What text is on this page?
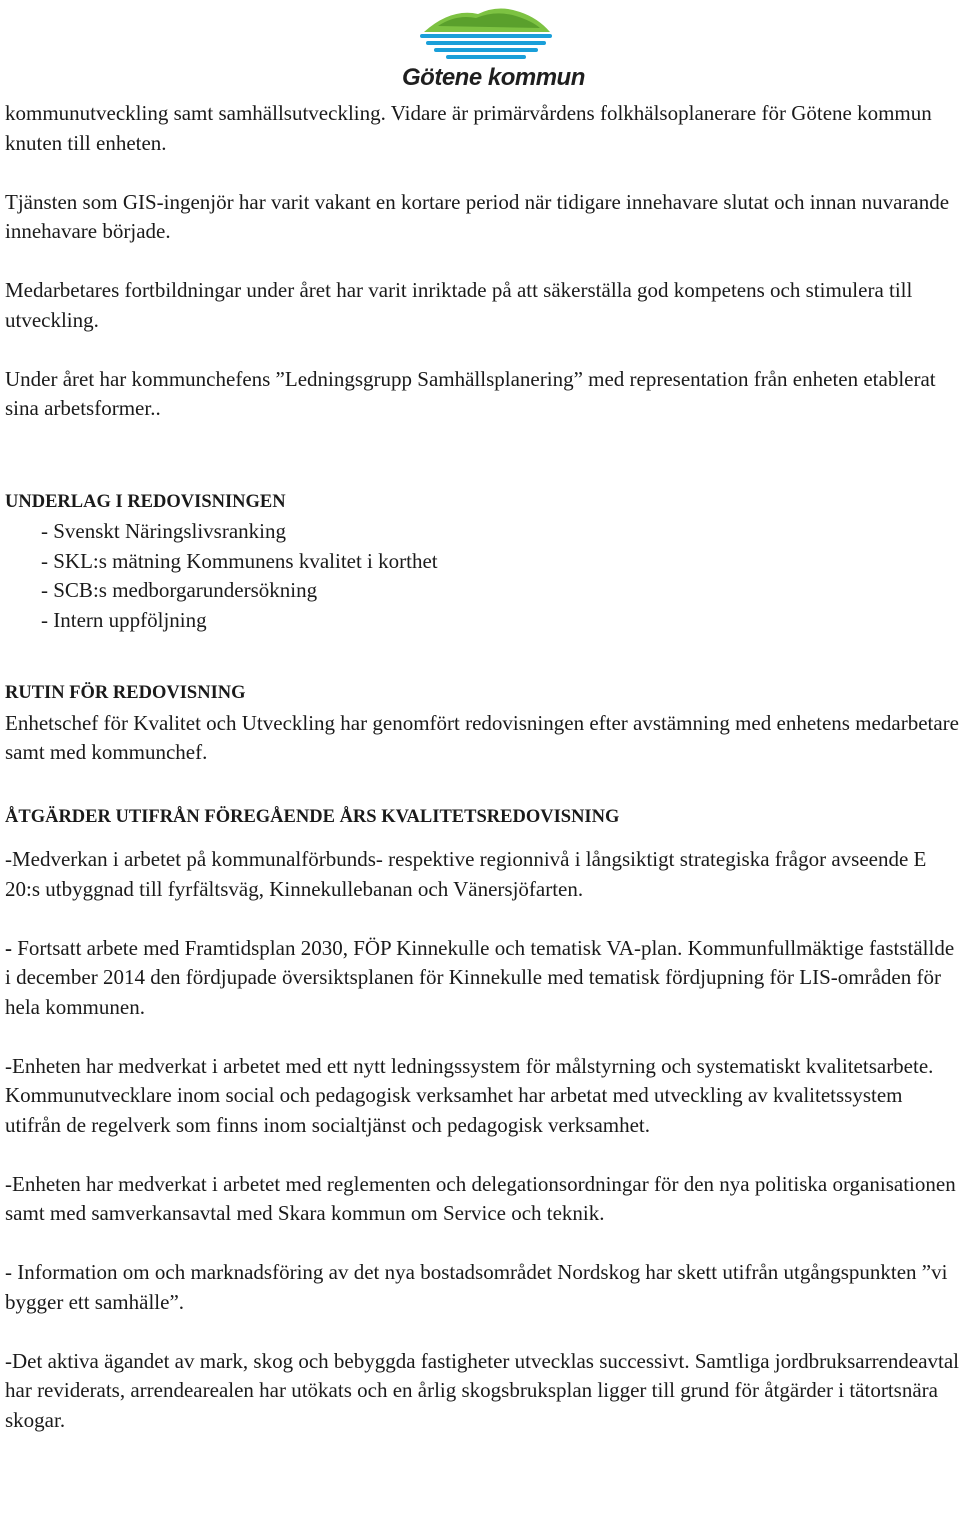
Götene kommun

kommunutveckling samt samhällsutveckling. Vidare är primärvårdens folkhälsoplanerare för Götene kommun knuten till enheten.

Tjänsten som GIS-ingenjör har varit vakant en kortare period när tidigare innehavare slutat och innan nuvarande innehavare började.

Medarbetares fortbildningar under året har varit inriktade på att säkerställa god kompetens och stimulera till utveckling.

Under året har kommunchefens ”Ledningsgrupp Samhällsplanering” med representation från enheten etablerat sina arbetsformer..

UNDERLAG I REDOVISNINGEN

- Svenskt Näringslivsranking
- SKL:s mätning Kommunens kvalitet i korthet
- SCB:s medborgarundersökning
- Intern uppföljning

RUTIN FÖR REDOVISNING

Enhetschef för Kvalitet och Utveckling har genomfört redovisningen efter avstämning med enhetens medarbetare samt med kommunchef.

ÅTGÄRDER UTIFRÅN FÖREGÅENDE ÅRS KVALITETSREDOVISNING

-Medverkan i arbetet på kommunalförbunds- respektive regionnivå i långsiktigt strategiska frågor avseende E 20:s utbyggnad till fyrfältsväg, Kinnekullebanan och Vänersjöfarten.

- Fortsatt arbete med Framtidsplan 2030, FÖP Kinnekulle och tematisk VA-plan. Kommunfullmäktige fastställde i december 2014 den fördjupade översiktsplanen för Kinnekulle med tematisk fördjupning för LIS-områden för hela kommunen.

-Enheten har medverkat i arbetet med ett nytt ledningssystem för målstyrning och systematiskt kvalitetsarbete. Kommunutvecklare inom social och pedagogisk verksamhet har arbetat med utveckling av kvalitetssystem utifrån de regelverk som finns inom socialtjänst och pedagogisk verksamhet.

-Enheten har medverkat i arbetet med reglementen och delegationsordningar för den nya politiska organisationen samt med samverkansavtal med Skara kommun om Service och teknik.

- Information om och marknadsföring av det nya bostadsområdet Nordskog har skett utifrån utgångspunkten ”vi bygger ett samhälle”.

-Det aktiva ägandet av mark, skog och bebyggda fastigheter utvecklas successivt. Samtliga jordbruksarrendeavtal har reviderats, arrendearealen har utökats och en årlig skogsbruksplan ligger till grund för åtgärder i tätortsnära skogar.
